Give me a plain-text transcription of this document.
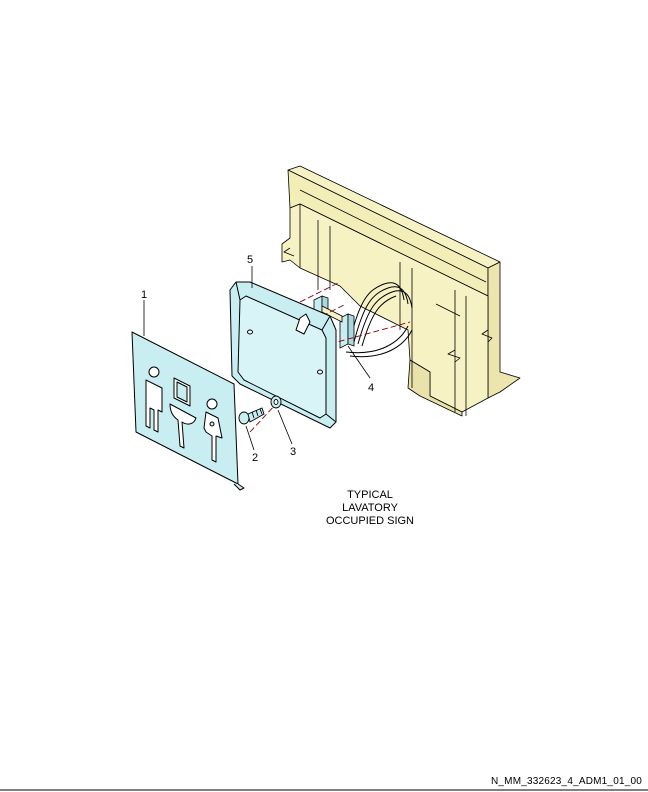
1
5
2	3
4
TYPICAL
LAVATORY
OCCUPIED SIGN
N_MM_332623_4_ADM1_01_00
